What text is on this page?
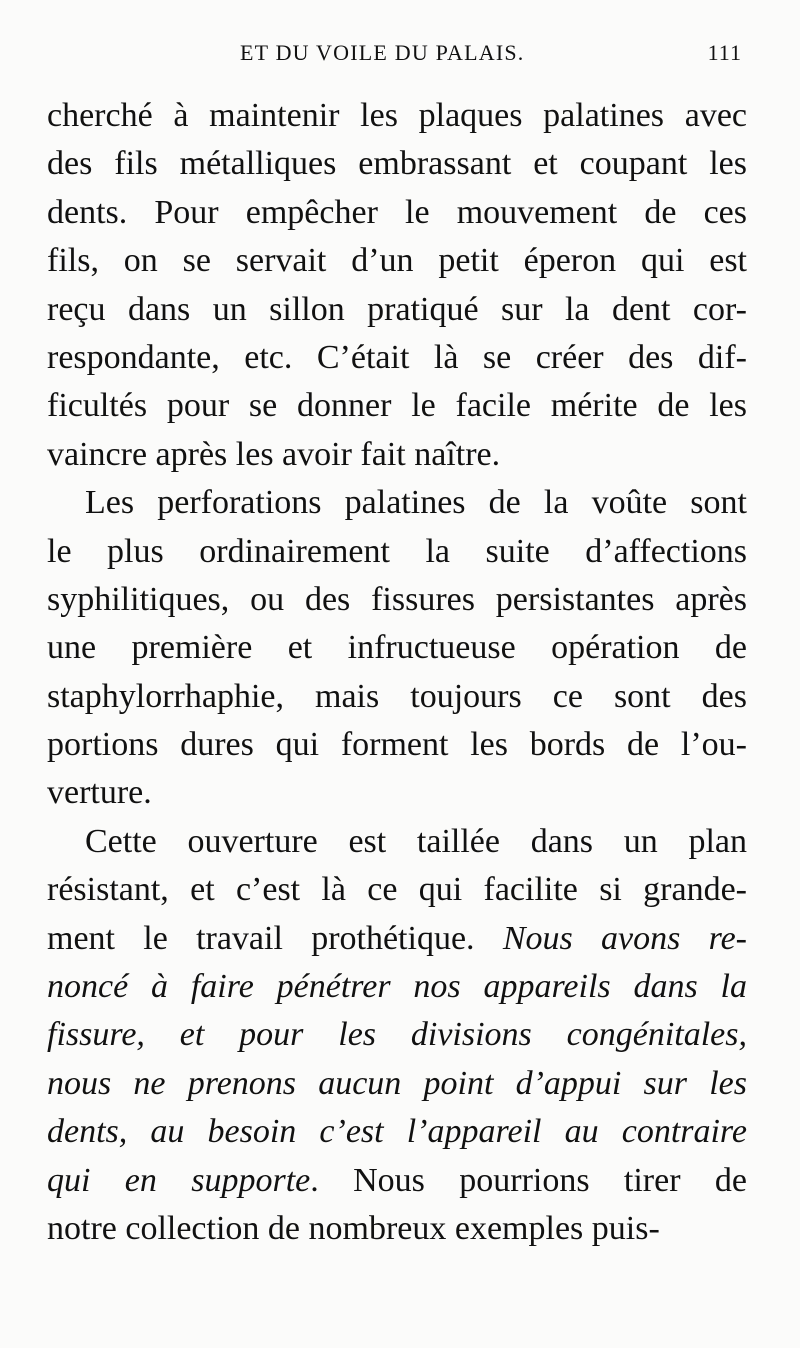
ET DU VOILE DU PALAIS.	111
cherché à maintenir les plaques palatines avec
des fils métalliques embrassant et coupant les
dents. Pour empêcher le mouvement de ces
fils, on se servait d’un petit éperon qui est
reçu dans un sillon pratiqué sur la dent cor-
respondante, etc. C’était là se créer des dif-
ficultés pour se donner le facile mérite de les
vaincre après les avoir fait naître.
Les perforations palatines de la voûte sont
le plus ordinairement la suite d’affections
syphilitiques, ou des fissures persistantes après
une première et infructueuse opération de
staphylorrhaphie, mais toujours ce sont des
portions dures qui forment les bords de l’ou-
verture.
Cette ouverture est taillée dans un plan
résistant, et c’est là ce qui facilite si grande-
ment le travail prothétique. Nous avons re-
noncé à faire pénétrer nos appareils dans la
fissure, et pour les divisions congénitales,
nous ne prenons aucun point d’appui sur les
dents, au besoin c’est l’appareil au contraire
qui en supporte. Nous pourrions tirer de
notre collection de nombreux exemples puis-
